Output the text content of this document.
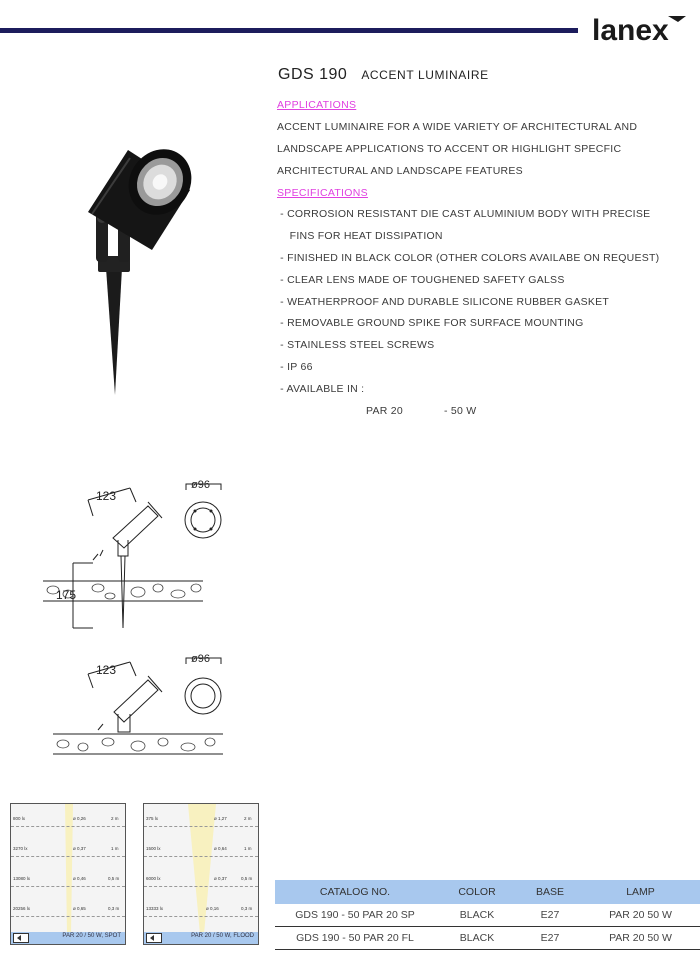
lanex
GDS 190 ACCENT LUMINAIRE
APPLICATIONS
ACCENT LUMINAIRE FOR A WIDE VARIETY OF ARCHITECTURAL AND
LANDSCAPE APPLICATIONS TO ACCENT OR HIGHLIGHT SPECFIC
ARCHITECTURAL AND LANDSCAPE FEATURES
SPECIFICATIONS
- CORROSION RESISTANT DIE CAST ALUMINIUM BODY WITH PRECISE
FINS FOR HEAT DISSIPATION
- FINISHED IN BLACK COLOR (OTHER COLORS AVAILABE ON REQUEST)
- CLEAR LENS MADE OF TOUGHENED SAFETY GALSS
- WEATHERPROOF AND DURABLE SILICONE RUBBER GASKET
- REMOVABLE GROUND SPIKE FOR SURFACE MOUNTING
- STAINLESS STEEL SCREWS
- IP 66
- AVAILABLE IN :
PAR 20	- 50 W
123
ø96
175
123
ø96
800 lx	ø 0,26	2 m
3270 lx	ø 0,37	1 m
13080 lx	ø 0,46	0,5 m
20256 lx	ø 0,65	0,3 m
PAR 20 / 50 W, SPOT
375 lx	ø 1,27	2 m
1500 lx	ø 0,64	1 m
6000 lx	ø 0,37	0,5 m
13333 lx	ø 0,16	0,3 m
PAR 20 / 50 W, FLOOD
CATALOG NO.	COLOR	BASE	LAMP
GDS 190 - 50 PAR 20 SP	BLACK	E27	PAR 20 50 W
GDS 190 - 50 PAR 20 FL	BLACK	E27	PAR 20 50 W
